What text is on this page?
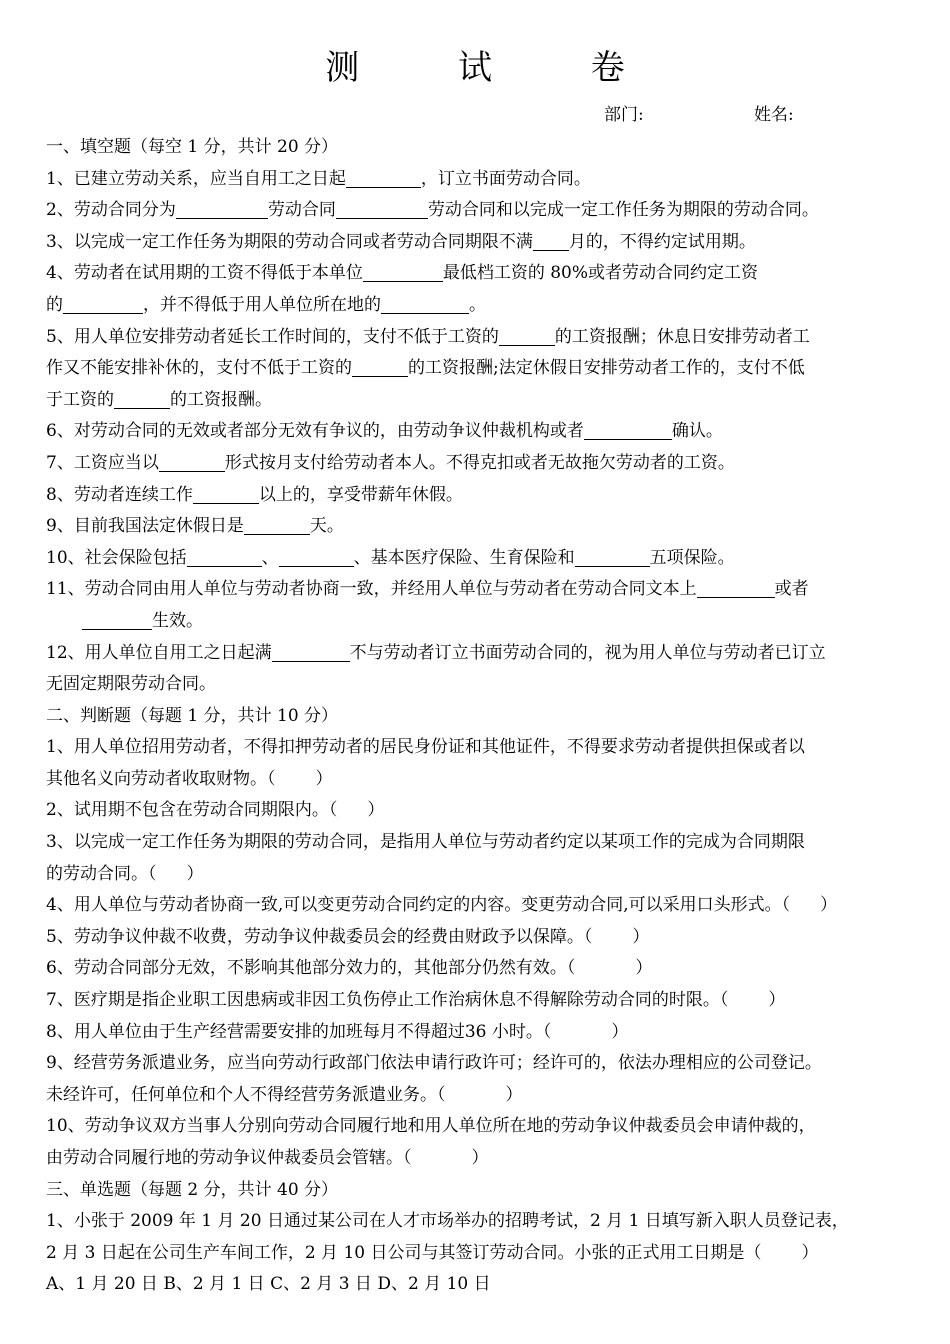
测 试 卷
部门:	姓名:
一、填空题（每空 1 分，共计 20 分）
1、已建立劳动关系，应当自用工之日起	，订立书面劳动合同。
2、劳动合同分为	劳动合同	劳动合同和以完成一定工作任务为期限的劳动合同。
3、以完成一定工作任务为期限的劳动合同或者劳动合同期限不满 月的，不得约定试用期。
4、劳动者在试用期的工资不得低于本单位	最低档工资的 80%或者劳动合同约定工资
的	，并不得低于用人单位所在地的	。
5、用人单位安排劳动者延长工作时间的，支付不低于工资的	的工资报酬；休息日安排劳动者工
作又不能安排补休的，支付不低于工资的	的工资报酬;法定休假日安排劳动者工作的，支付不低
于工资的	的工资报酬。
6、对劳动合同的无效或者部分无效有争议的，由劳动争议仲裁机构或者	确认。
7、工资应当以	形式按月支付给劳动者本人。不得克扣或者无故拖欠劳动者的工资。
8、劳动者连续工作	以上的，享受带薪年休假。
9、目前我国法定休假日是	天。
10、社会保险包括	、	、基本医疗保险、生育保险和	五项保险。
11、劳动合同由用人单位与劳动者协商一致，并经用人单位与劳动者在劳动合同文本上	或者
生效。
12、用人单位自用工之日起满	不与劳动者订立书面劳动合同的，视为用人单位与劳动者已订立
无固定期限劳动合同。
二、判断题（每题 1 分，共计 10 分）
1、用人单位招用劳动者，不得扣押劳动者的居民身份证和其他证件，不得要求劳动者提供担保或者以
其他名义向劳动者收取财物。（ ）
2、试用期不包含在劳动合同期限内。（ ）
3、以完成一定工作任务为期限的劳动合同，是指用人单位与劳动者约定以某项工作的完成为合同期限
的劳动合同。（ ）
4、用人单位与劳动者协商一致,可以变更劳动合同约定的内容。变更劳动合同,可以采用口头形式。（ ）
5、劳动争议仲裁不收费，劳动争议仲裁委员会的经费由财政予以保障。（ ）
6、劳动合同部分无效，不影响其他部分效力的，其他部分仍然有效。（	）
7、医疗期是指企业职工因患病或非因工负伤停止工作治病休息不得解除劳动合同的时限。（ ）
8、用人单位由于生产经营需要安排的加班每月不得超过36 小时。（	）
9、经营劳务派遣业务，应当向劳动行政部门依法申请行政许可；经许可的，依法办理相应的公司登记。
未经许可，任何单位和个人不得经营劳务派遣业务。（	）
10、劳动争议双方当事人分别向劳动合同履行地和用人单位所在地的劳动争议仲裁委员会申请仲裁的，
由劳动合同履行地的劳动争议仲裁委员会管辖。（	）
三、单选题（每题 2 分，共计 40 分）
1、小张于 2009 年 1 月 20 日通过某公司在人才市场举办的招聘考试，2 月 1 日填写新入职人员登记表，
2 月 3 日起在公司生产车间工作，2 月 10 日公司与其签订劳动合同。小张的正式用工日期是（ ）
A、1 月 20 日 B、2 月 1 日 C、2 月 3 日 D、2 月 10 日
